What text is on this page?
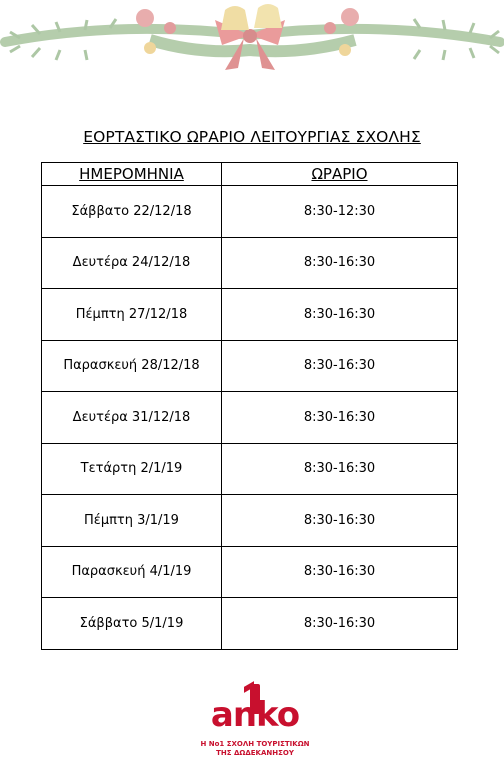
ΕΟΡΤΑΣΤΙΚΟ ΩΡΑΡΙΟ ΛΕΙΤΟΥΡΓΙΑΣ ΣΧΟΛΗΣ
ΗΜΕΡΟΜΗΝΙΑ	ΩΡΑΡΙΟ
Σάββατο 22/12/18	8:30-12:30
Δευτέρα 24/12/18	8:30-16:30
Πέμπτη 27/12/18	8:30-16:30
Παρασκευή 28/12/18	8:30-16:30
Δευτέρα 31/12/18	8:30-16:30
Τετάρτη 2/1/19	8:30-16:30
Πέμπτη 3/1/19	8:30-16:30
Παρασκευή 4/1/19	8:30-16:30
Σάββατο 5/1/19	8:30-16:30
anko
Η Νο1 ΣΧΟΛΗ ΤΟΥΡΙΣΤΙΚΩΝ
ΤΗΣ ΔΩΔΕΚΑΝΗΣΟΥ
